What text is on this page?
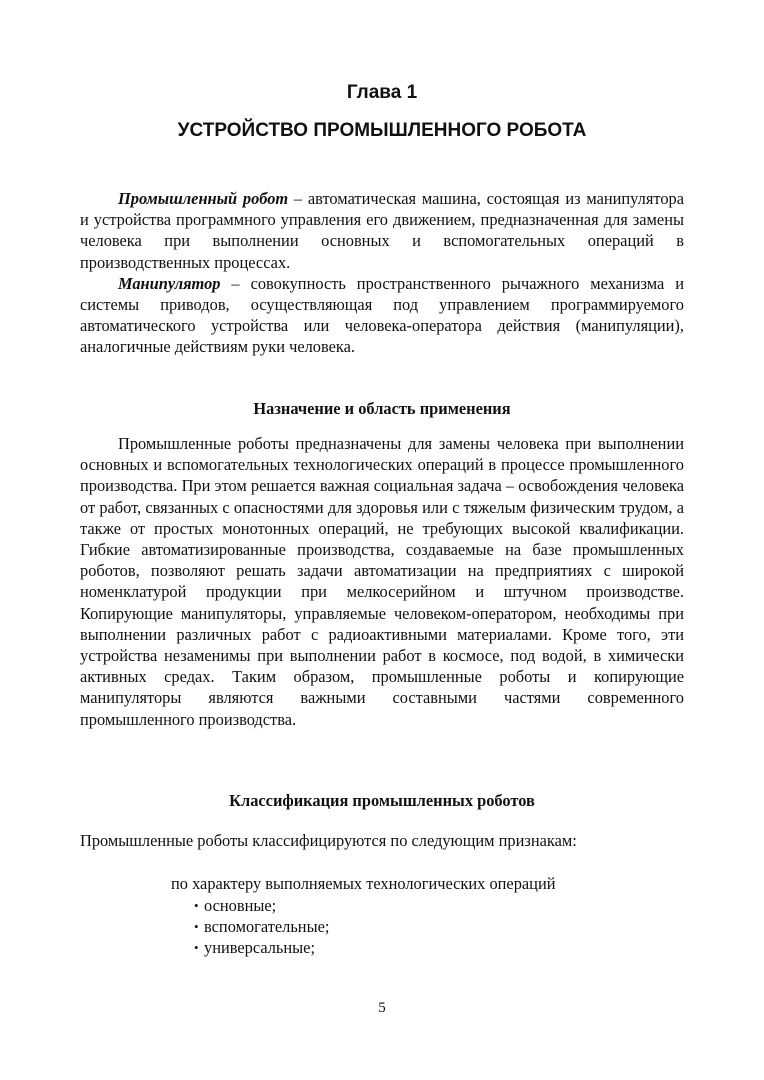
Глава 1
УСТРОЙСТВО ПРОМЫШЛЕННОГО РОБОТА

Промышленный робот – автоматическая машина, состоящая из манипулятора и устройства программного управления его движением, предназначенная для замены человека при выполнении основных и вспомогательных операций в производственных процессах.

Манипулятор – совокупность пространственного рычажного механизма и системы приводов, осуществляющая под управлением программируемого автоматического устройства или человека-оператора действия (манипуляции), аналогичные действиям руки человека.

Назначение и область применения

Промышленные роботы предназначены для замены человека при выполнении основных и вспомогательных технологических операций в процессе промышленного производства. При этом решается важная социальная задача – освобождения человека от работ, связанных с опасностями для здоровья или с тяжелым физическим трудом, а также от простых монотонных операций, не требующих высокой квалификации. Гибкие автоматизированные производства, создаваемые на базе промышленных роботов, позволяют решать задачи автоматизации на предприятиях с широкой номенклатурой продукции при мелкосерийном и штучном производстве. Копирующие манипуляторы, управляемые человеком-оператором, необходимы при выполнении различных работ с радиоактивными материалами. Кроме того, эти устройства незаменимы при выполнении работ в космосе, под водой, в химически активных средах. Таким образом, промышленные роботы и копирующие манипуляторы являются важными составными частями современного промышленного производства.

Классификация промышленных роботов
Промышленные роботы классифицируются по следующим признакам:
по характеру выполняемых технологических операций
• основные;
• вспомогательные;
• универсальные;
5
